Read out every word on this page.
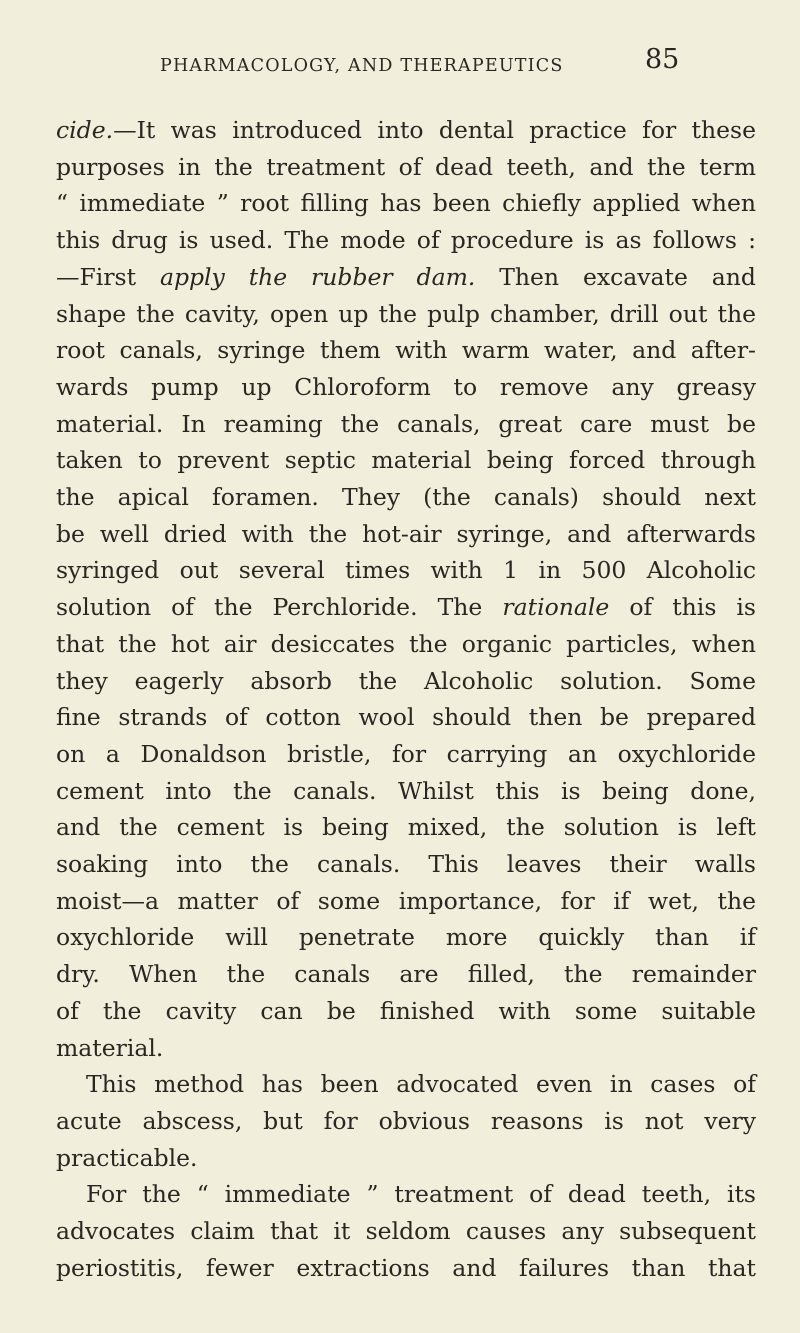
PHARMACOLOGY, AND THERAPEUTICS	85
cide.—It was introduced into dental practice for these
purposes in the treatment of dead teeth, and the term
“ immediate ” root filling has been chiefly applied when
this drug is used. The mode of procedure is as follows :
—First apply the rubber dam. Then excavate and
shape the cavity, open up the pulp chamber, drill out the
root canals, syringe them with warm water, and after-
wards pump up Chloroform to remove any greasy
material. In reaming the canals, great care must be
taken to prevent septic material being forced through
the apical foramen. They (the canals) should next
be well dried with the hot-air syringe, and afterwards
syringed out several times with 1 in 500 Alcoholic
solution of the Perchloride. The rationale of this is
that the hot air desiccates the organic particles, when
they eagerly absorb the Alcoholic solution. Some
fine strands of cotton wool should then be prepared
on a Donaldson bristle, for carrying an oxychloride
cement into the canals. Whilst this is being done,
and the cement is being mixed, the solution is left
soaking into the canals. This leaves their walls
moist—a matter of some importance, for if wet, the
oxychloride will penetrate more quickly than if
dry. When the canals are filled, the remainder
of the cavity can be finished with some suitable
material.
This method has been advocated even in cases of
acute abscess, but for obvious reasons is not very
practicable.
For the “ immediate ” treatment of dead teeth, its
advocates claim that it seldom causes any subsequent
periostitis, fewer extractions and failures than that
